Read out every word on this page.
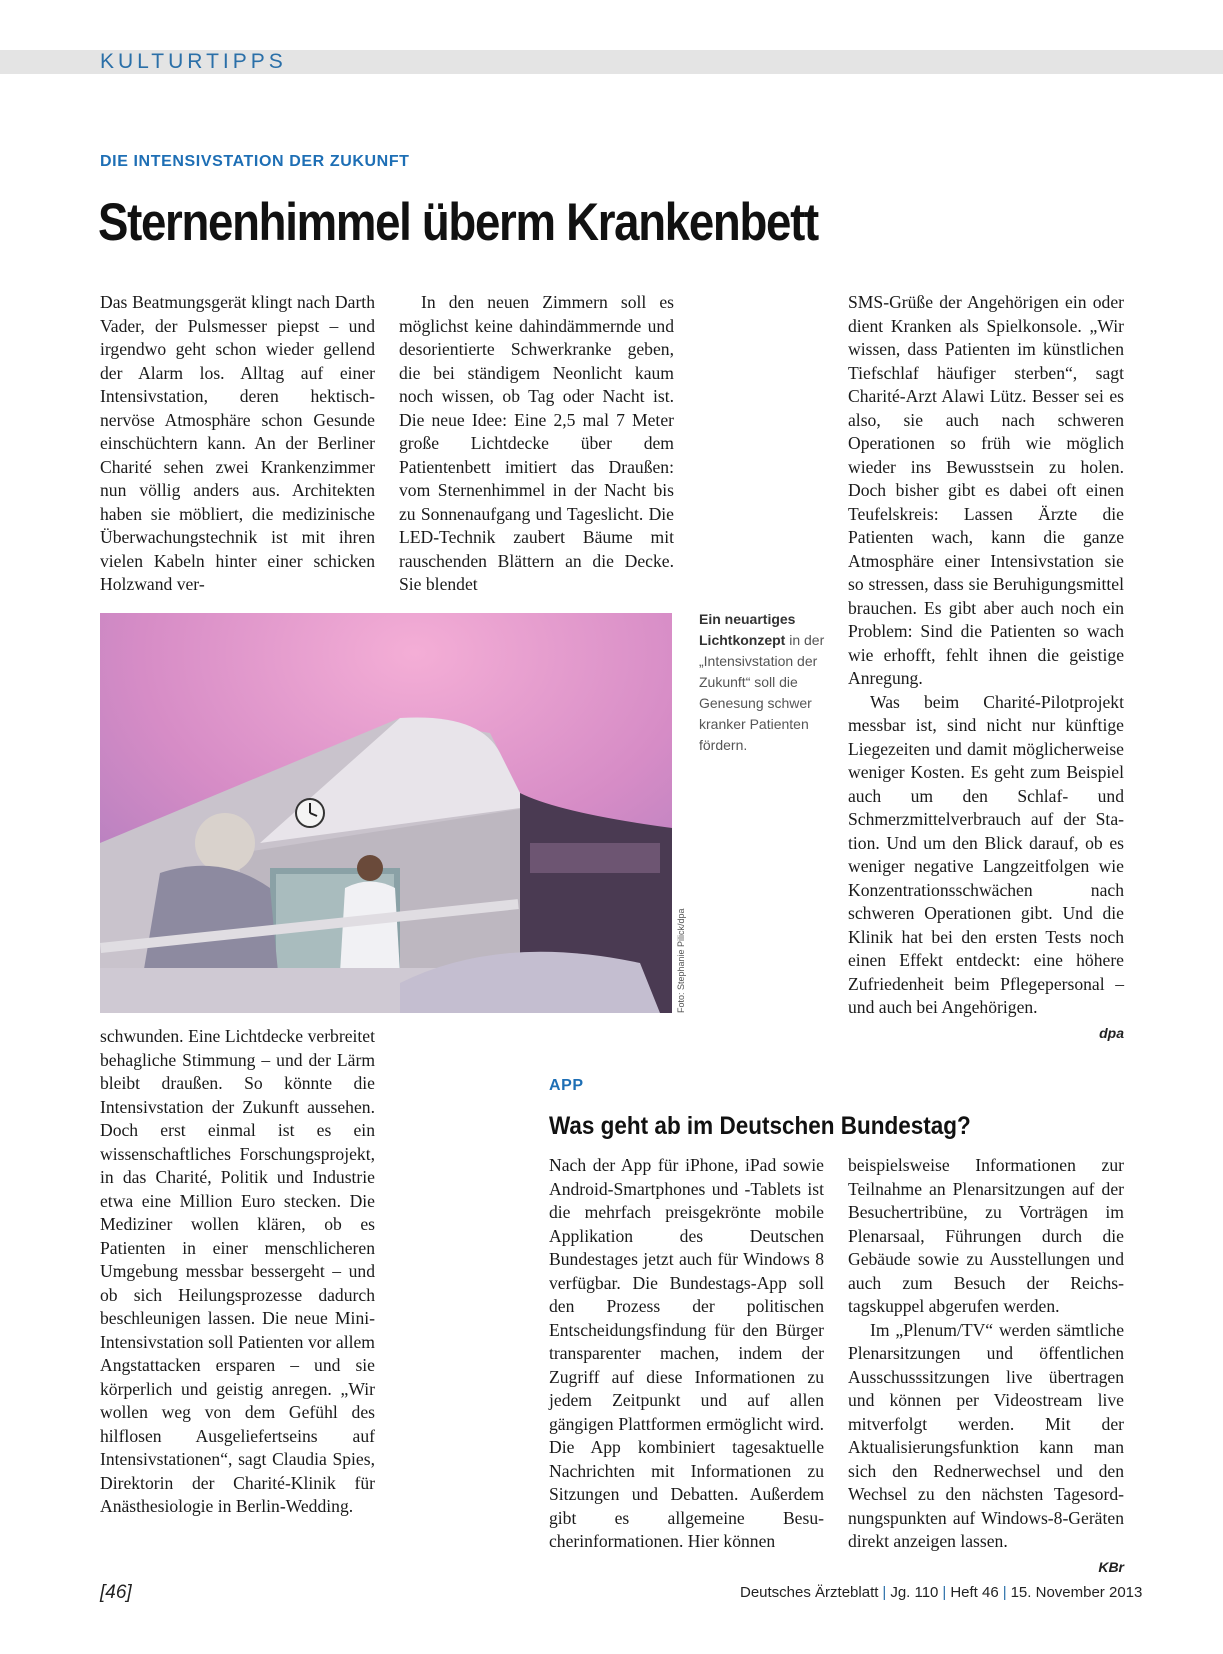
KULTURTIPPS
DIE INTENSIVSTATION DER ZUKUNFT
Sternenhimmel überm Krankenbett

Das Beatmungsgerät klingt nach Darth Vader, der Pulsmesser piepst – und irgendwo geht schon wieder gellend der Alarm los. Alltag auf einer Intensivstation, deren hektisch-nervöse Atmosphäre schon Gesunde einschüchtern kann. An der Berliner Charité sehen zwei Krankenzimmer nun völlig anders aus. Architekten haben sie möbliert, die medizinische Überwachungstechnik ist mit ihren vielen Kabeln hinter einer schicken Holzwand ver-

In den neuen Zimmern soll es möglichst keine dahindämmernde und desorientierte Schwerkranke geben, die bei ständigem Neonlicht kaum noch wissen, ob Tag oder Nacht ist. Die neue Idee: Eine 2,5 mal 7 Meter große Lichtdecke über dem Patientenbett imitiert das Draußen: vom Sternenhimmel in der Nacht bis zu Sonnenaufgang und Tageslicht. Die LED-Technik zaubert Bäume mit rauschenden Blättern an die Decke. Sie blendet

SMS-Grüße der Angehörigen ein oder dient Kranken als Spielkonsole. „Wir wissen, dass Patienten im künstlichen Tiefschlaf häufiger sterben“, sagt Charité-Arzt Alawi Lütz. Besser sei es also, sie auch nach schweren Operationen so früh wie möglich wieder ins Bewusstsein zu holen. Doch bisher gibt es dabei oft einen Teufelskreis: Lassen Ärzte die Patienten wach, kann die ganze Atmosphäre einer Intensivstation sie so stressen, dass sie Beruhigungsmittel brauchen. Es gibt aber auch noch ein Problem: Sind die Patienten so wach wie erhofft, fehlt ihnen die geistige Anregung.

Was beim Charité-Pilotprojekt messbar ist, sind nicht nur künftige Liegezeiten und damit möglicherweise weniger Kosten. Es geht zum Beispiel auch um den Schlaf- und Schmerzmittelverbrauch auf der Station. Und um den Blick darauf, ob es weniger negative Langzeitfolgen wie Konzentrationsschwächen nach schweren Operationen gibt. Und die Klinik hat bei den ersten Tests noch einen Effekt entdeckt: eine höhere Zufriedenheit beim Pflegepersonal – und auch bei Angehörigen.

dpa
Foto: Stephanie Pilick/dpa
Ein neuartiges Lichtkonzept in der „Intensivstation der Zukunft“ soll die Genesung schwer kranker Patienten fördern.

schwunden. Eine Lichtdecke verbreitet behagliche Stimmung – und der Lärm bleibt draußen. So könnte die Intensivstation der Zukunft aussehen. Doch erst einmal ist es ein wissenschaftliches Forschungsprojekt, in das Charité, Politik und Industrie etwa eine Million Euro stecken. Die Mediziner wollen klären, ob es Patienten in einer menschlicheren Umgebung messbar bessergeht – und ob sich Heilungsprozesse dadurch beschleunigen lassen. Die neue Mini-Intensivstation soll Patienten vor allem Angstattacken ersparen – und sie körperlich und geistig anregen. „Wir wollen weg von dem Gefühl des hilflosen Ausgeliefertseins auf Intensivstationen“, sagt Claudia Spies, Direktorin der Charité-Klinik für Anästhesiologie in Berlin-Wedding.

APP
Was geht ab im Deutschen Bundestag?

Nach der App für iPhone, iPad sowie Android-Smartphones und -Tablets ist die mehrfach preisgekrönte mobile Applikation des Deutschen Bundestages jetzt auch für Windows 8 verfügbar. Die Bundestags-App soll den Prozess der politischen Entscheidungsfindung für den Bürger transparenter machen, indem der Zugriff auf diese Informationen zu jedem Zeitpunkt und auf allen gängigen Plattformen ermöglicht wird. Die App kombiniert tagesaktuelle Nachrichten mit Informationen zu Sitzungen und Debatten. Außerdem gibt es allgemeine Besucherinformationen. Hier können

beispielsweise Informationen zur Teilnahme an Plenarsitzungen auf der Besuchertribüne, zu Vorträgen im Plenarsaal, Führungen durch die Gebäude sowie zu Ausstellungen und auch zum Besuch der Reichstagskuppel abgerufen werden.

Im „Plenum/TV“ werden sämtliche Plenarsitzungen und öffentlichen Ausschusssitzungen live übertragen und können per Videostream live mitverfolgt werden. Mit der Aktualisierungsfunktion kann man sich den Rednerwechsel und den Wechsel zu den nächsten Tagesordnungspunkten auf Windows-8-Geräten direkt anzeigen lassen.

KBr
[46]	Deutsches Ärzteblatt | Jg. 110 | Heft 46 | 15. November 2013
